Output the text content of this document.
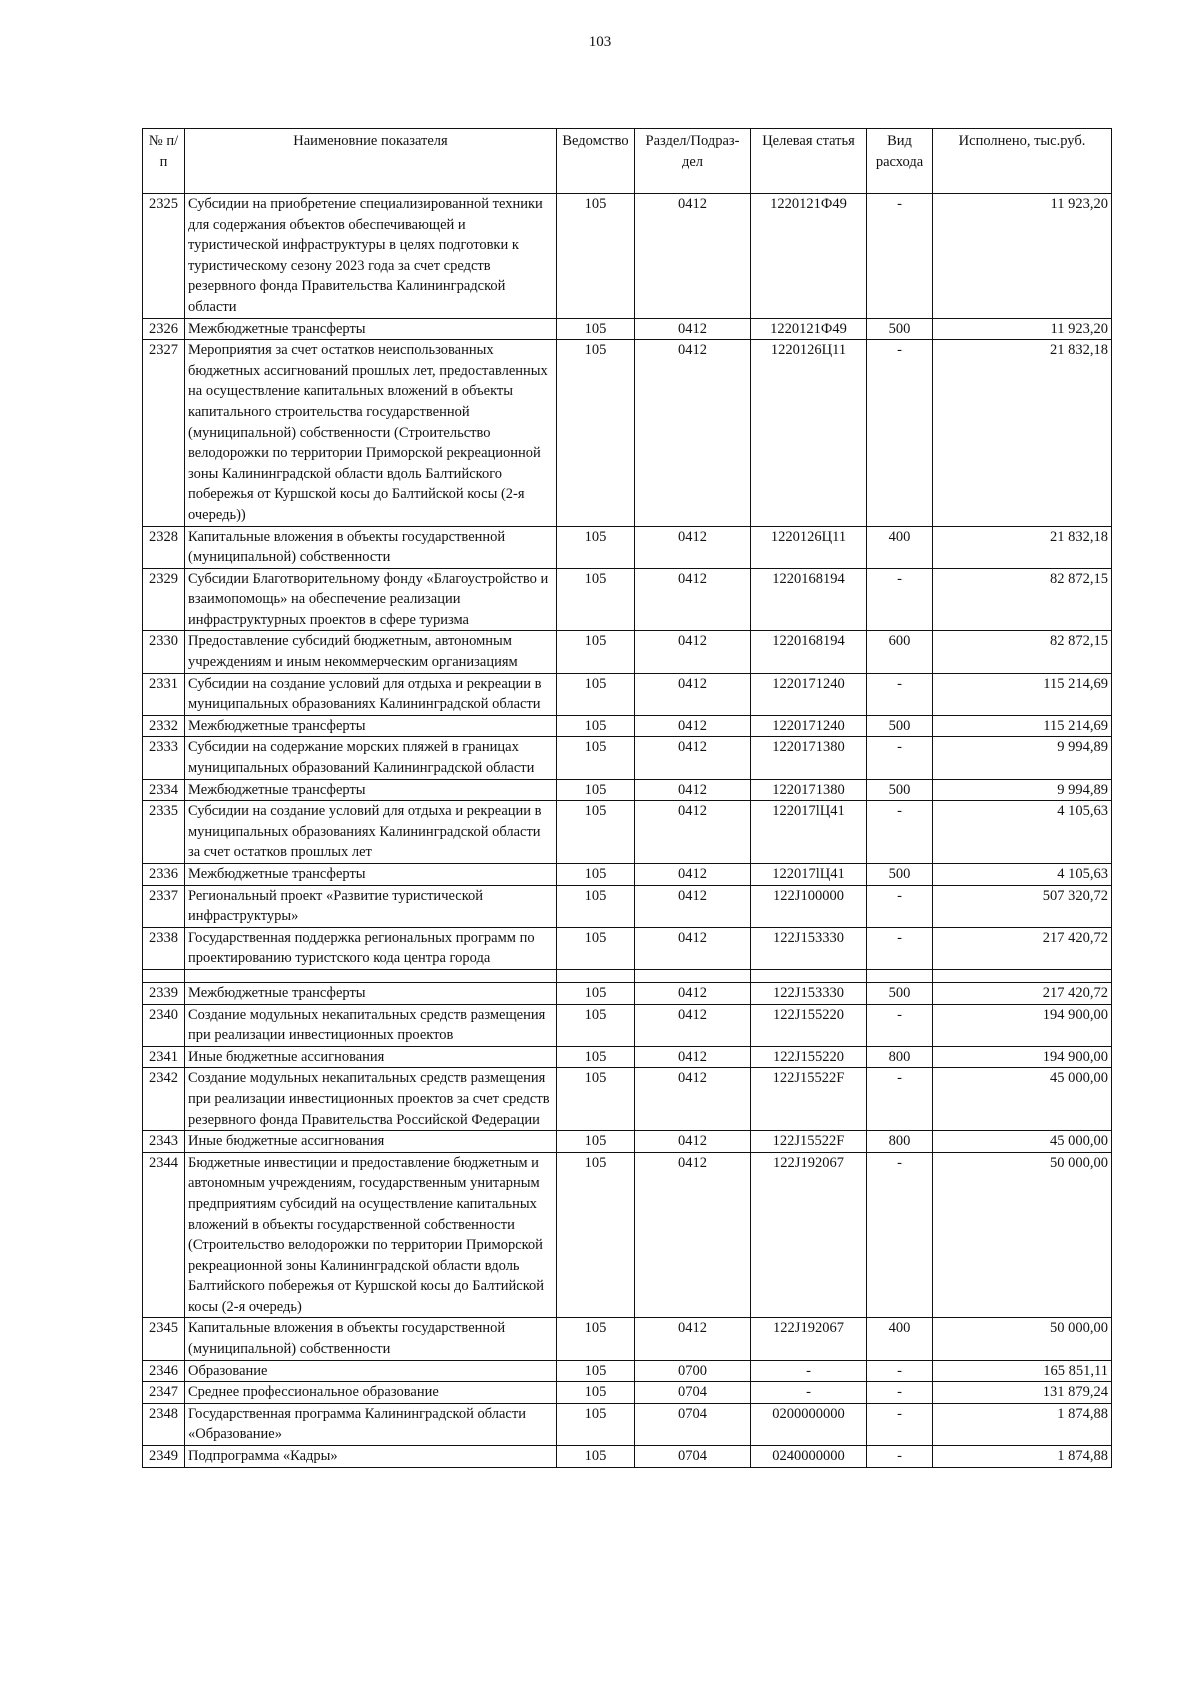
103
№ п/п	Наименовние показателя	Ведомство	Раздел/Подраз-дел	Целевая статья	Вид расхода	Исполнено, тыс.руб.
2325	Субсидии на приобретение специализированной техники для содержания объектов обеспечивающей и туристической инфраструктуры в целях подготовки к туристическому сезону 2023 года за счет средств резервного фонда Правительства Калининградской области	105	0412	1220121Ф49	-	11 923,20
2326	Межбюджетные трансферты	105	0412	1220121Ф49	500	11 923,20
2327	Мероприятия за счет остатков неиспользованных бюджетных ассигнований прошлых лет, предоставленных на осуществление капитальных вложений в объекты капитального строительства государственной (муниципальной) собственности (Строительство велодорожки по территории Приморской рекреационной зоны Калининградской области вдоль Балтийского побережья от Куршской косы до Балтийской косы (2-я очередь))	105	0412	1220126Ц11	-	21 832,18
2328	Капитальные вложения в объекты государственной (муниципальной) собственности	105	0412	1220126Ц11	400	21 832,18
2329	Субсидии Благотворительному фонду «Благоустройство и взаимопомощь» на обеспечение реализации инфраструктурных проектов в сфере туризма	105	0412	1220168194	-	82 872,15
2330	Предоставление субсидий бюджетным, автономным учреждениям и иным некоммерческим организациям	105	0412	1220168194	600	82 872,15
2331	Субсидии на создание условий для отдыха и рекреации в муниципальных образованиях Калининградской области	105	0412	1220171240	-	115 214,69
2332	Межбюджетные трансферты	105	0412	1220171240	500	115 214,69
2333	Субсидии на содержание морских пляжей в границах муниципальных образований Калининградской области	105	0412	1220171380	-	9 994,89
2334	Межбюджетные трансферты	105	0412	1220171380	500	9 994,89
2335	Субсидии на создание условий для отдыха и рекреации в муниципальных образованиях Калининградской области за счет остатков прошлых лет	105	0412	122017lЦ41	-	4 105,63
2336	Межбюджетные трансферты	105	0412	122017lЦ41	500	4 105,63
2337	Региональный проект «Развитие туристической инфраструктуры»	105	0412	122J100000	-	507 320,72
2338	Государственная поддержка региональных программ по проектированию туристского кода центра города	105	0412	122J153330	-	217 420,72

2339	Межбюджетные трансферты	105	0412	122J153330	500	217 420,72
2340	Создание модульных некапитальных средств размещения при реализации инвестиционных проектов	105	0412	122J155220	-	194 900,00
2341	Иные бюджетные ассигнования	105	0412	122J155220	800	194 900,00
2342	Создание модульных некапитальных средств размещения при реализации инвестиционных проектов за счет средств резервного фонда Правительства Российской Федерации	105	0412	122J15522F	-	45 000,00
2343	Иные бюджетные ассигнования	105	0412	122J15522F	800	45 000,00
2344	Бюджетные инвестиции и предоставление бюджетным и автономным учреждениям, государственным унитарным предприятиям субсидий на осуществление капитальных вложений в объекты государственной собственности (Строительство велодорожки по территории Приморской рекреационной зоны Калининградской области вдоль Балтийского побережья от Куршской косы до Балтийской косы (2-я очередь)	105	0412	122J192067	-	50 000,00
2345	Капитальные вложения в объекты государственной (муниципальной) собственности	105	0412	122J192067	400	50 000,00
2346	Образование	105	0700	-	-	165 851,11
2347	Среднее профессиональное образование	105	0704	-	-	131 879,24
2348	Государственная программа Калининградской области «Образование»	105	0704	0200000000	-	1 874,88
2349	Подпрограмма «Кадры»	105	0704	0240000000	-	1 874,88
